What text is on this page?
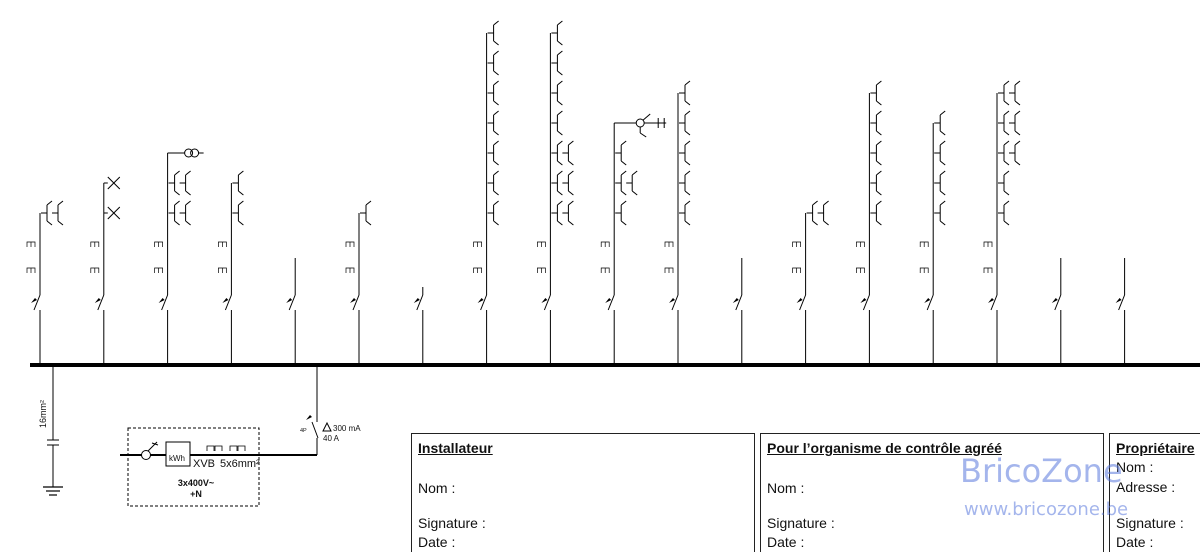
16mm²
4P	300 mA
40 A
kWh XVB 5x6mm²
3x400V~
+N
Installateur
Nom :
Signature :
Date :
Pour l’organisme de contrôle agréé
Nom :
Signature :
Date :
Propriétaire
Nom :
Adresse :
Signature :
Date :
BricoZone
www.bricozone.be
